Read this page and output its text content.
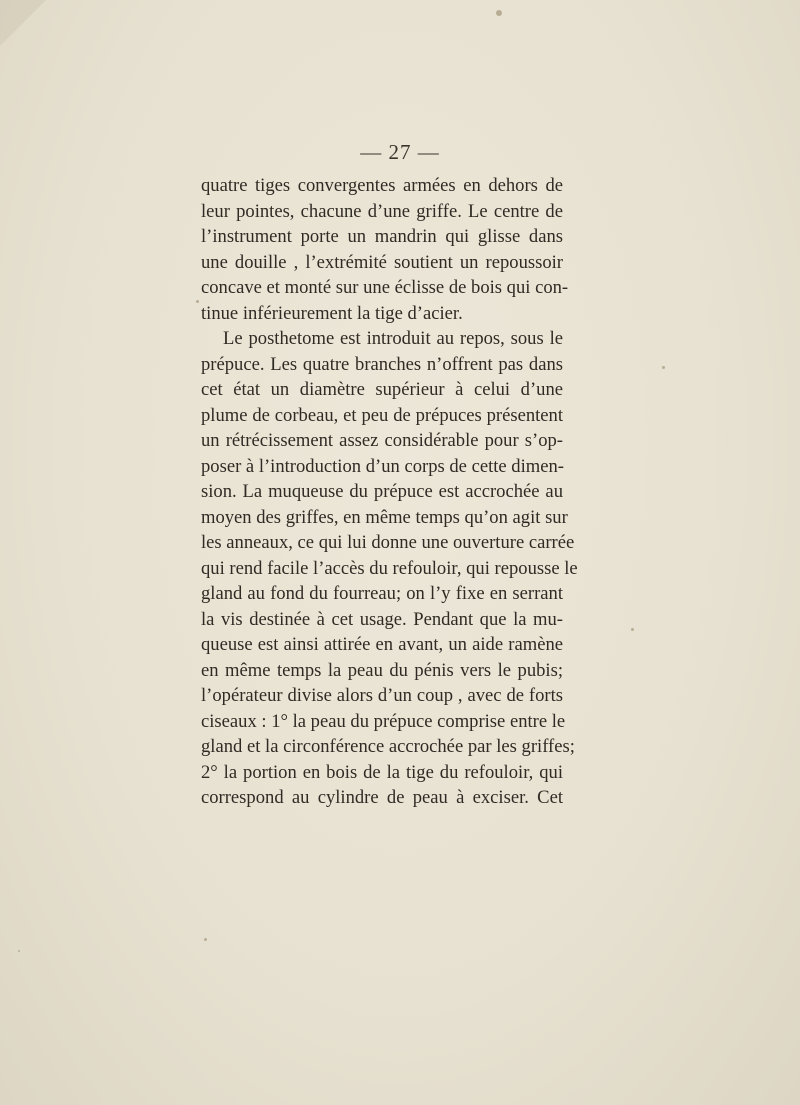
— 27 —
quatre tiges convergentes armées en dehors de
leur pointes, chacune d’une griffe. Le centre de
l’instrument porte un mandrin qui glisse dans
une douille , l’extrémité soutient un repoussoir
concave et monté sur une éclisse de bois qui con-
tinue inférieurement la tige d’acier.
Le posthetome est introduit au repos, sous le
prépuce. Les quatre branches n’offrent pas dans
cet état un diamètre supérieur à celui d’une
plume de corbeau, et peu de prépuces présentent
un rétrécissement assez considérable pour s’op-
poser à l’introduction d’un corps de cette dimen-
sion. La muqueuse du prépuce est accrochée au
moyen des griffes, en même temps qu’on agit sur
les anneaux, ce qui lui donne une ouverture carrée
qui rend facile l’accès du refouloir, qui repousse le
gland au fond du fourreau; on l’y fixe en serrant
la vis destinée à cet usage. Pendant que la mu-
queuse est ainsi attirée en avant, un aide ramène
en même temps la peau du pénis vers le pubis;
l’opérateur divise alors d’un coup , avec de forts
ciseaux : 1° la peau du prépuce comprise entre le
gland et la circonférence accrochée par les griffes;
2° la portion en bois de la tige du refouloir, qui
correspond au cylindre de peau à exciser. Cet
